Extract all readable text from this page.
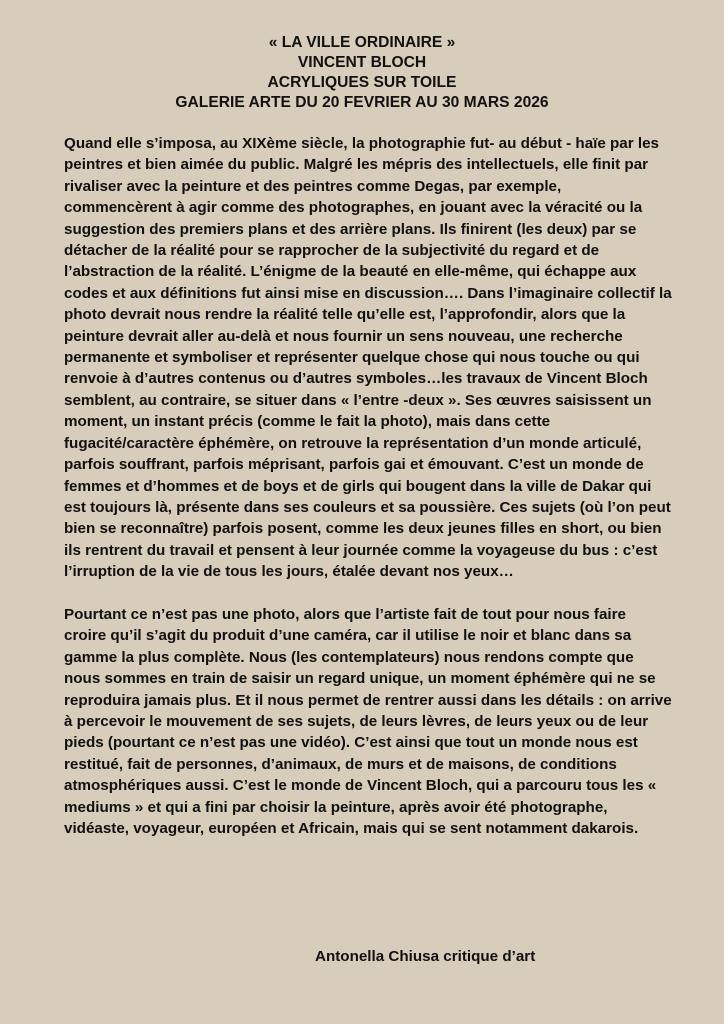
« LA VILLE ORDINAIRE »
VINCENT BLOCH
ACRYLIQUES SUR TOILE
GALERIE ARTE DU 20 FEVRIER AU 30 MARS 2026

Quand elle s’imposa, au XIXème siècle, la photographie fut- au début - haïe par les peintres et bien aimée du public. Malgré les mépris des intellectuels, elle finit par rivaliser avec la peinture et des peintres comme Degas, par exemple, commencèrent à agir comme des photographes, en jouant avec la véracité ou la suggestion des premiers plans et des arrière plans. Ils finirent (les deux) par se détacher de la réalité pour se rapprocher de la subjectivité du regard et de l’abstraction de la réalité. L’énigme de la beauté en elle-même, qui échappe aux codes et aux définitions fut ainsi mise en discussion…. Dans l’imaginaire collectif la photo devrait nous rendre la réalité telle qu’elle est, l’approfondir, alors que la peinture devrait aller au-delà et nous fournir un sens nouveau, une recherche permanente et symboliser et représenter quelque chose qui nous touche ou qui renvoie à d’autres contenus ou d’autres symboles…les travaux de Vincent Bloch semblent, au contraire, se situer dans « l’entre -deux ». Ses œuvres saisissent un moment, un instant précis (comme le fait la photo), mais dans cette fugacité/caractère éphémère, on retrouve la représentation d’un monde articulé, parfois souffrant, parfois méprisant, parfois gai et émouvant. C’est un monde de femmes et d’hommes et de boys et de girls qui bougent dans la ville de Dakar qui est toujours là, présente dans ses couleurs et sa poussière. Ces sujets (où l’on peut bien se reconnaître) parfois posent, comme les deux jeunes filles en short, ou bien ils rentrent du travail et pensent à leur journée comme la voyageuse du bus : c’est l’irruption de la vie de tous les jours, étalée devant nos yeux…

Pourtant ce n’est pas une photo, alors que l’artiste fait de tout pour nous faire croire qu’il s’agit du produit d’une caméra, car il utilise le noir et blanc dans sa gamme la plus complète. Nous (les contemplateurs) nous rendons compte que nous sommes en train de saisir un regard unique, un moment éphémère qui ne se reproduira jamais plus. Et il nous permet de rentrer aussi dans les détails : on arrive à percevoir le mouvement de ses sujets, de leurs lèvres, de leurs yeux ou de leur pieds (pourtant ce n’est pas une vidéo). C’est ainsi que tout un monde nous est restitué, fait de personnes, d’animaux, de murs et de maisons, de conditions atmosphériques aussi. C’est le monde de Vincent Bloch, qui a parcouru tous les « mediums » et qui a fini par choisir la peinture, après avoir été photographe, vidéaste, voyageur, européen et Africain, mais qui se sent notamment dakarois.

Antonella Chiusa critique d’art
